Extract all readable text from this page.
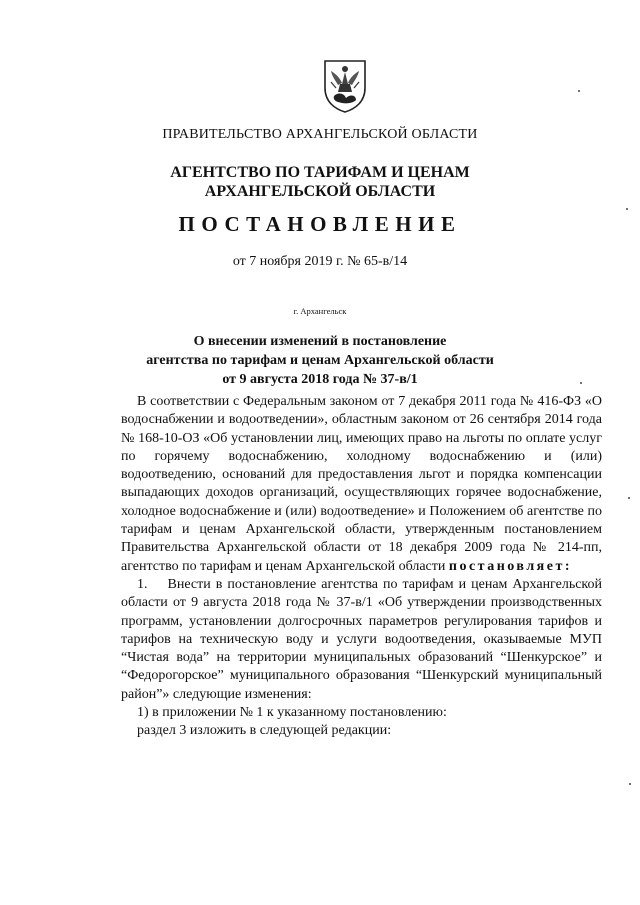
ПРАВИТЕЛЬСТВО АРХАНГЕЛЬСКОЙ ОБЛАСТИ
АГЕНТСТВО ПО ТАРИФАМ И ЦЕНАМ
АРХАНГЕЛЬСКОЙ ОБЛАСТИ
ПОСТАНОВЛЕНИЕ
от 7 ноября 2019 г. № 65-в/14
г. Архангельск
О внесении изменений в постановление
агентства по тарифам и ценам Архангельской области
от 9 августа 2018 года № 37-в/1

В соответствии с Федеральным законом от 7 декабря 2011 года № 416-ФЗ «О водоснабжении и водоотведении», областным законом от 26 сентября 2014 года № 168-10-ОЗ «Об установлении лиц, имеющих право на льготы по оплате услуг по горячему водоснабжению, холодному водоснабжению и (или) водоотведению, оснований для предоставления льгот и порядка компенсации выпадающих доходов организаций, осуществляющих горячее водоснабжение, холодное водоснабжение и (или) водоотведение» и Положением об агентстве по тарифам и ценам Архангельской области, утвержденным постановлением Правительства Архангельской области от 18 декабря 2009 года № 214-пп, агентство по тарифам и ценам Архангельской области постановляет:

1.    Внести в постановление агентства по тарифам и ценам Архангельской области от 9 августа 2018 года № 37-в/1 «Об утверждении производственных программ, установлении долгосрочных параметров регулирования тарифов и тарифов на техническую воду и услуги водоотведения, оказываемые МУП “Чистая вода” на территории муниципальных образований “Шенкурское” и “Федорогорское” муниципального образования “Шенкурский муниципальный район”» следующие изменения:

1) в приложении № 1 к указанному постановлению:

раздел 3 изложить в следующей редакции:
